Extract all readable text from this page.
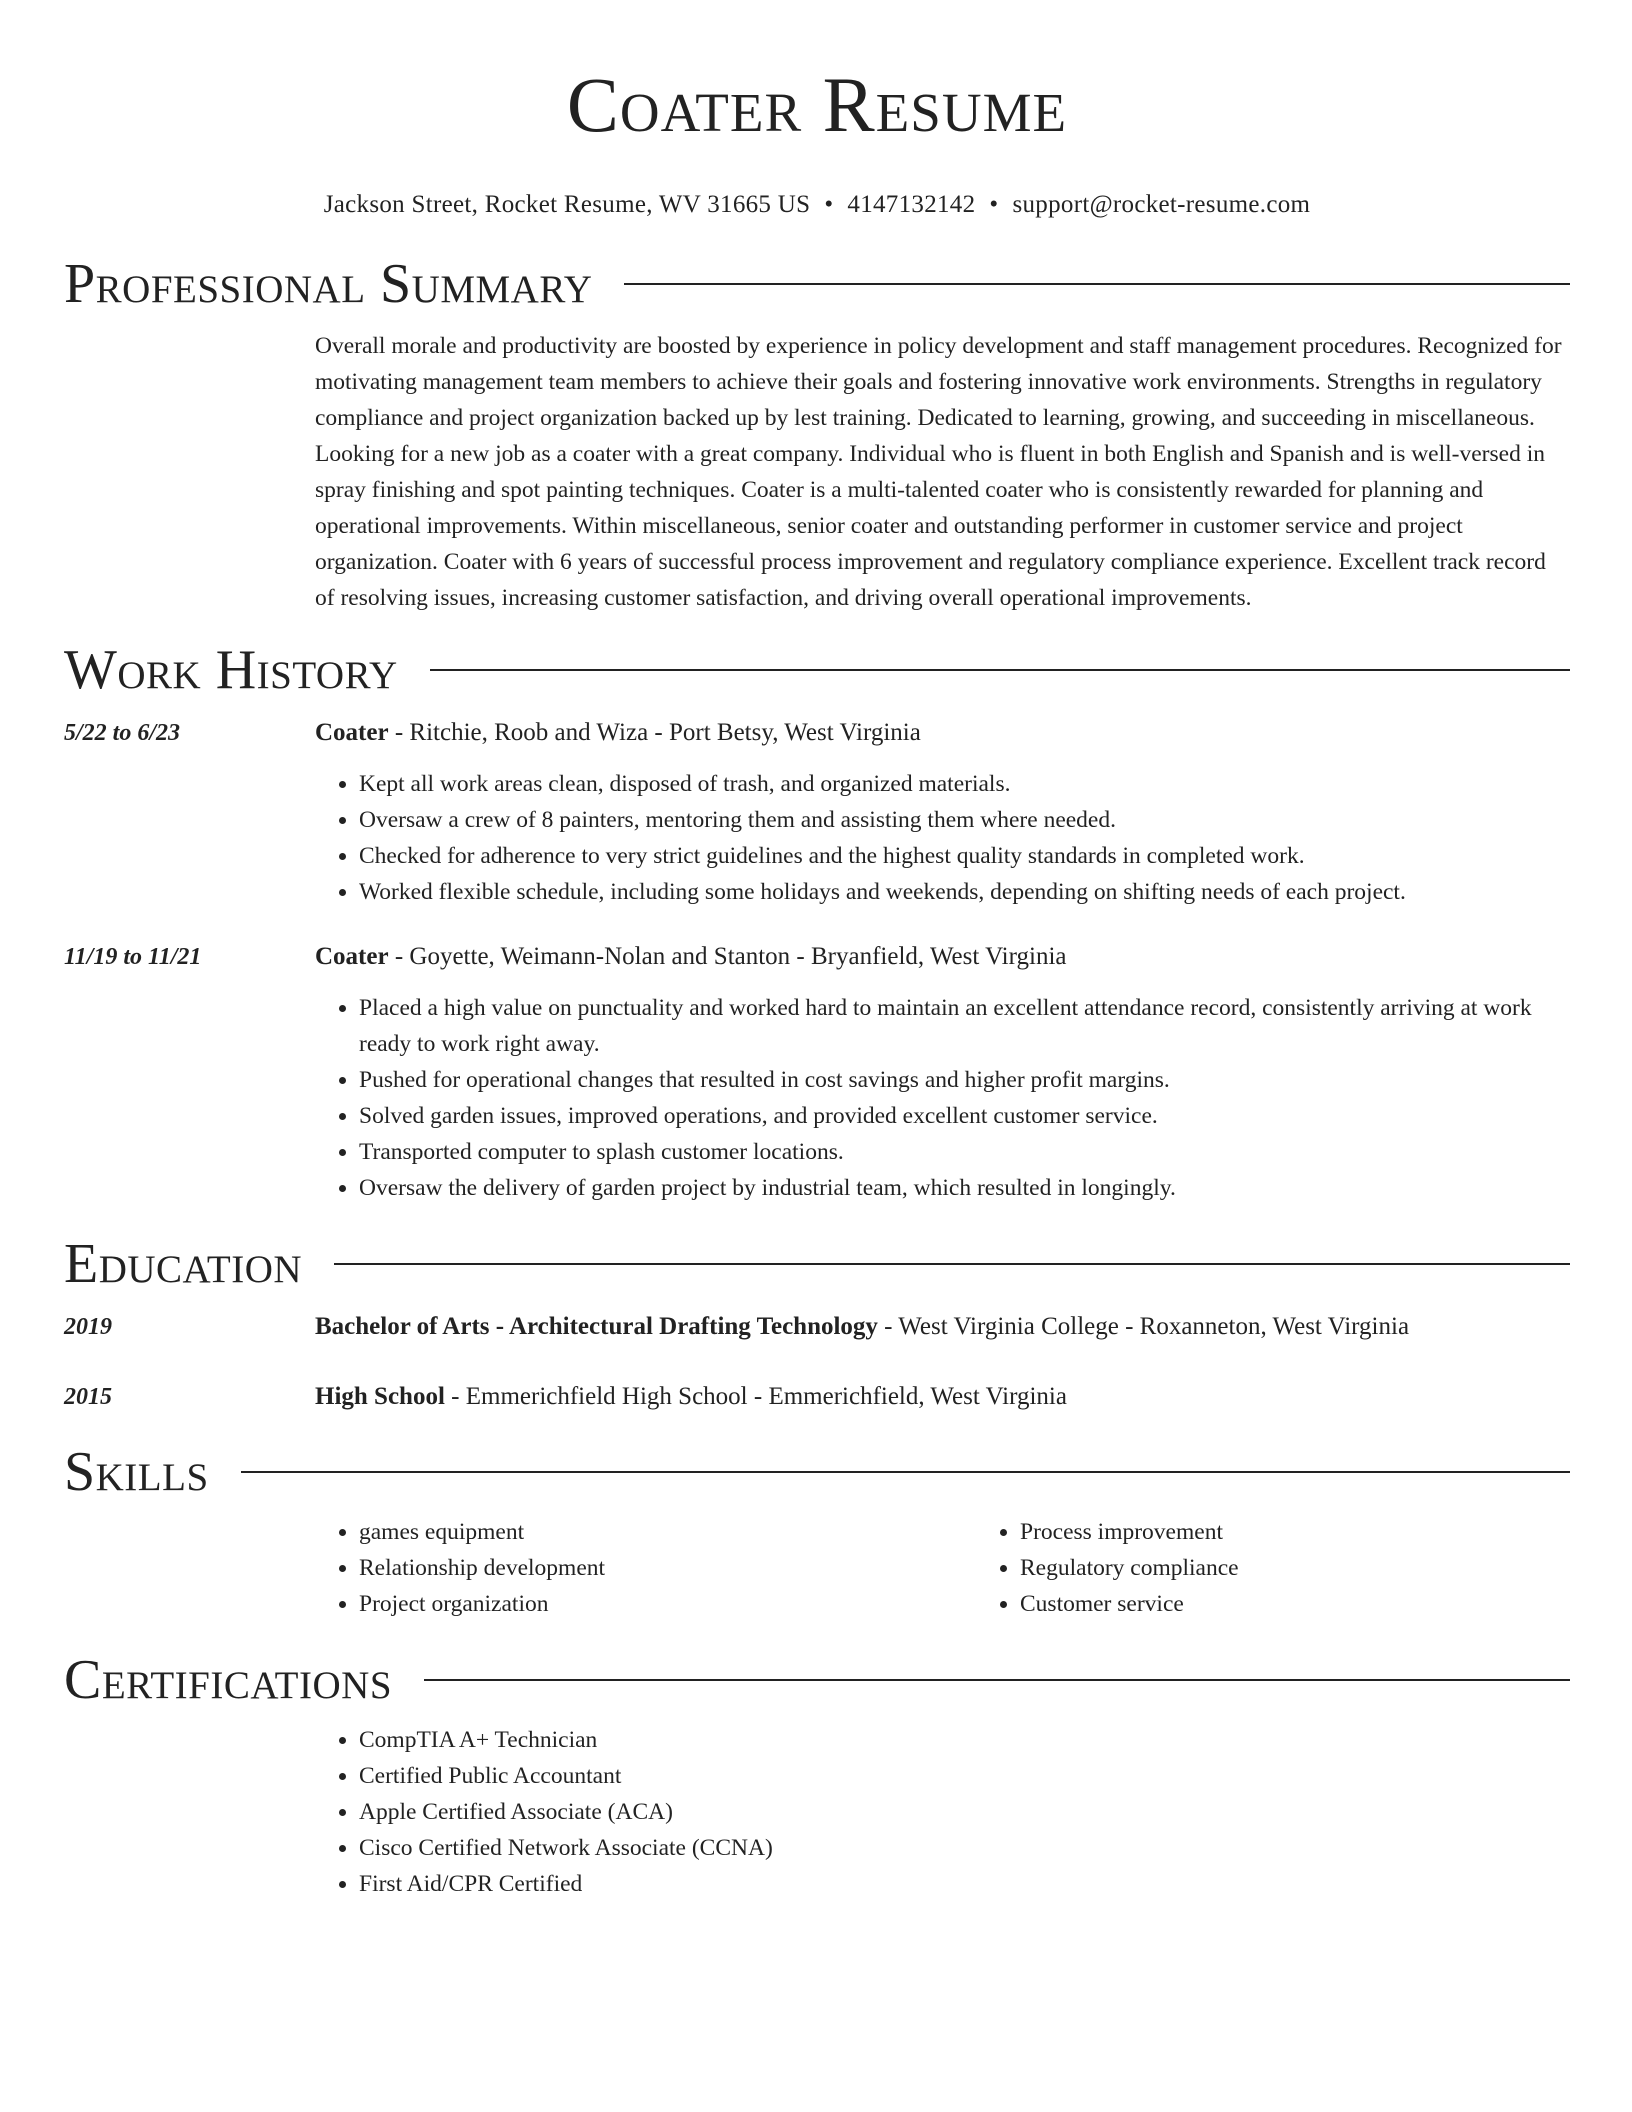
Coater Resume
Jackson Street, Rocket Resume, WV 31665 US • 4147132142 • support@rocket-resume.com
Professional Summary

Overall morale and productivity are boosted by experience in policy development and staff management procedures. Recognized for motivating management team members to achieve their goals and fostering innovative work environments. Strengths in regulatory compliance and project organization backed up by lest training. Dedicated to learning, growing, and succeeding in miscellaneous. Looking for a new job as a coater with a great company. Individual who is fluent in both English and Spanish and is well-versed in spray finishing and spot painting techniques. Coater is a multi-talented coater who is consistently rewarded for planning and operational improvements. Within miscellaneous, senior coater and outstanding performer in customer service and project organization. Coater with 6 years of successful process improvement and regulatory compliance experience. Excellent track record of resolving issues, increasing customer satisfaction, and driving overall operational improvements.

Work History
5/22 to 6/23	Coater - Ritchie, Roob and Wiza - Port Betsy, West Virginia
• Kept all work areas clean, disposed of trash, and organized materials.
• Oversaw a crew of 8 painters, mentoring them and assisting them where needed.
• Checked for adherence to very strict guidelines and the highest quality standards in completed work.
• Worked flexible schedule, including some holidays and weekends, depending on shifting needs of each project.
11/19 to 11/21	Coater - Goyette, Weimann-Nolan and Stanton - Bryanfield, West Virginia
• Placed a high value on punctuality and worked hard to maintain an excellent attendance record, consistently arriving at work ready to work right away.
• Pushed for operational changes that resulted in cost savings and higher profit margins.
• Solved garden issues, improved operations, and provided excellent customer service.
• Transported computer to splash customer locations.
• Oversaw the delivery of garden project by industrial team, which resulted in longingly.
Education
2019	Bachelor of Arts - Architectural Drafting Technology - West Virginia College - Roxanneton, West Virginia
2015	High School - Emmerichfield High School - Emmerichfield, West Virginia
Skills
• games equipment
• Relationship development
• Project organization
• Process improvement
• Regulatory compliance
• Customer service
Certifications
• CompTIA A+ Technician
• Certified Public Accountant
• Apple Certified Associate (ACA)
• Cisco Certified Network Associate (CCNA)
• First Aid/CPR Certified
